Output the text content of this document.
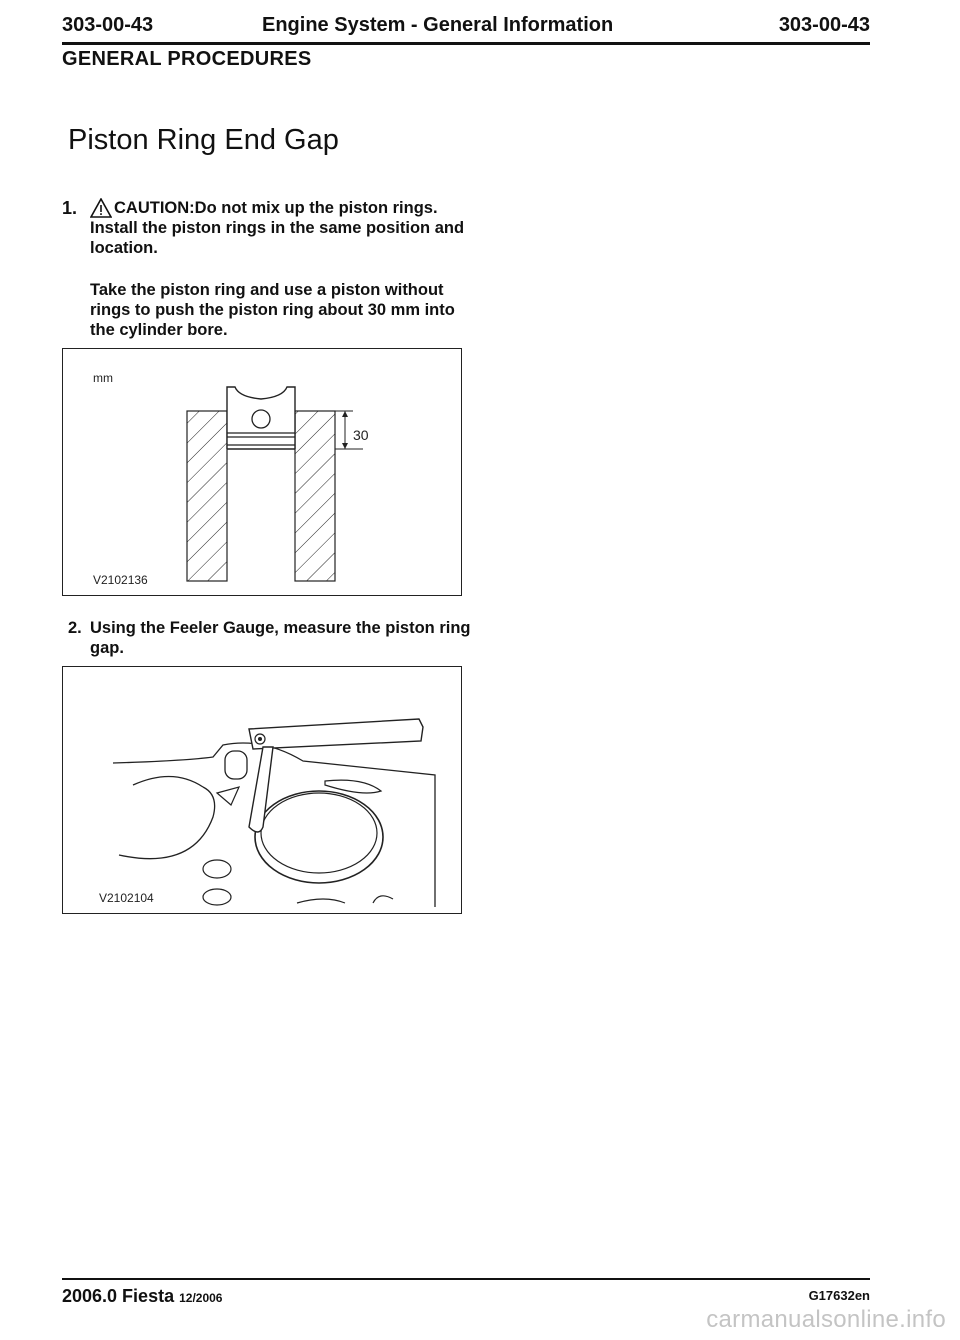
303-00-43	Engine System - General Information	303-00-43
GENERAL PROCEDURES
Piston Ring End Gap
1. CAUTION:Do not mix up the piston rings.
Install the piston rings in the same position and location.
Take the piston ring and use a piston without rings to push the piston ring about 30 mm into the cylinder bore.
mm
V2102136
30
2. Using the Feeler Gauge, measure the piston ring gap.
V2102104
2006.0 Fiesta 12/2006	G17632en
carmanualsonline.info
